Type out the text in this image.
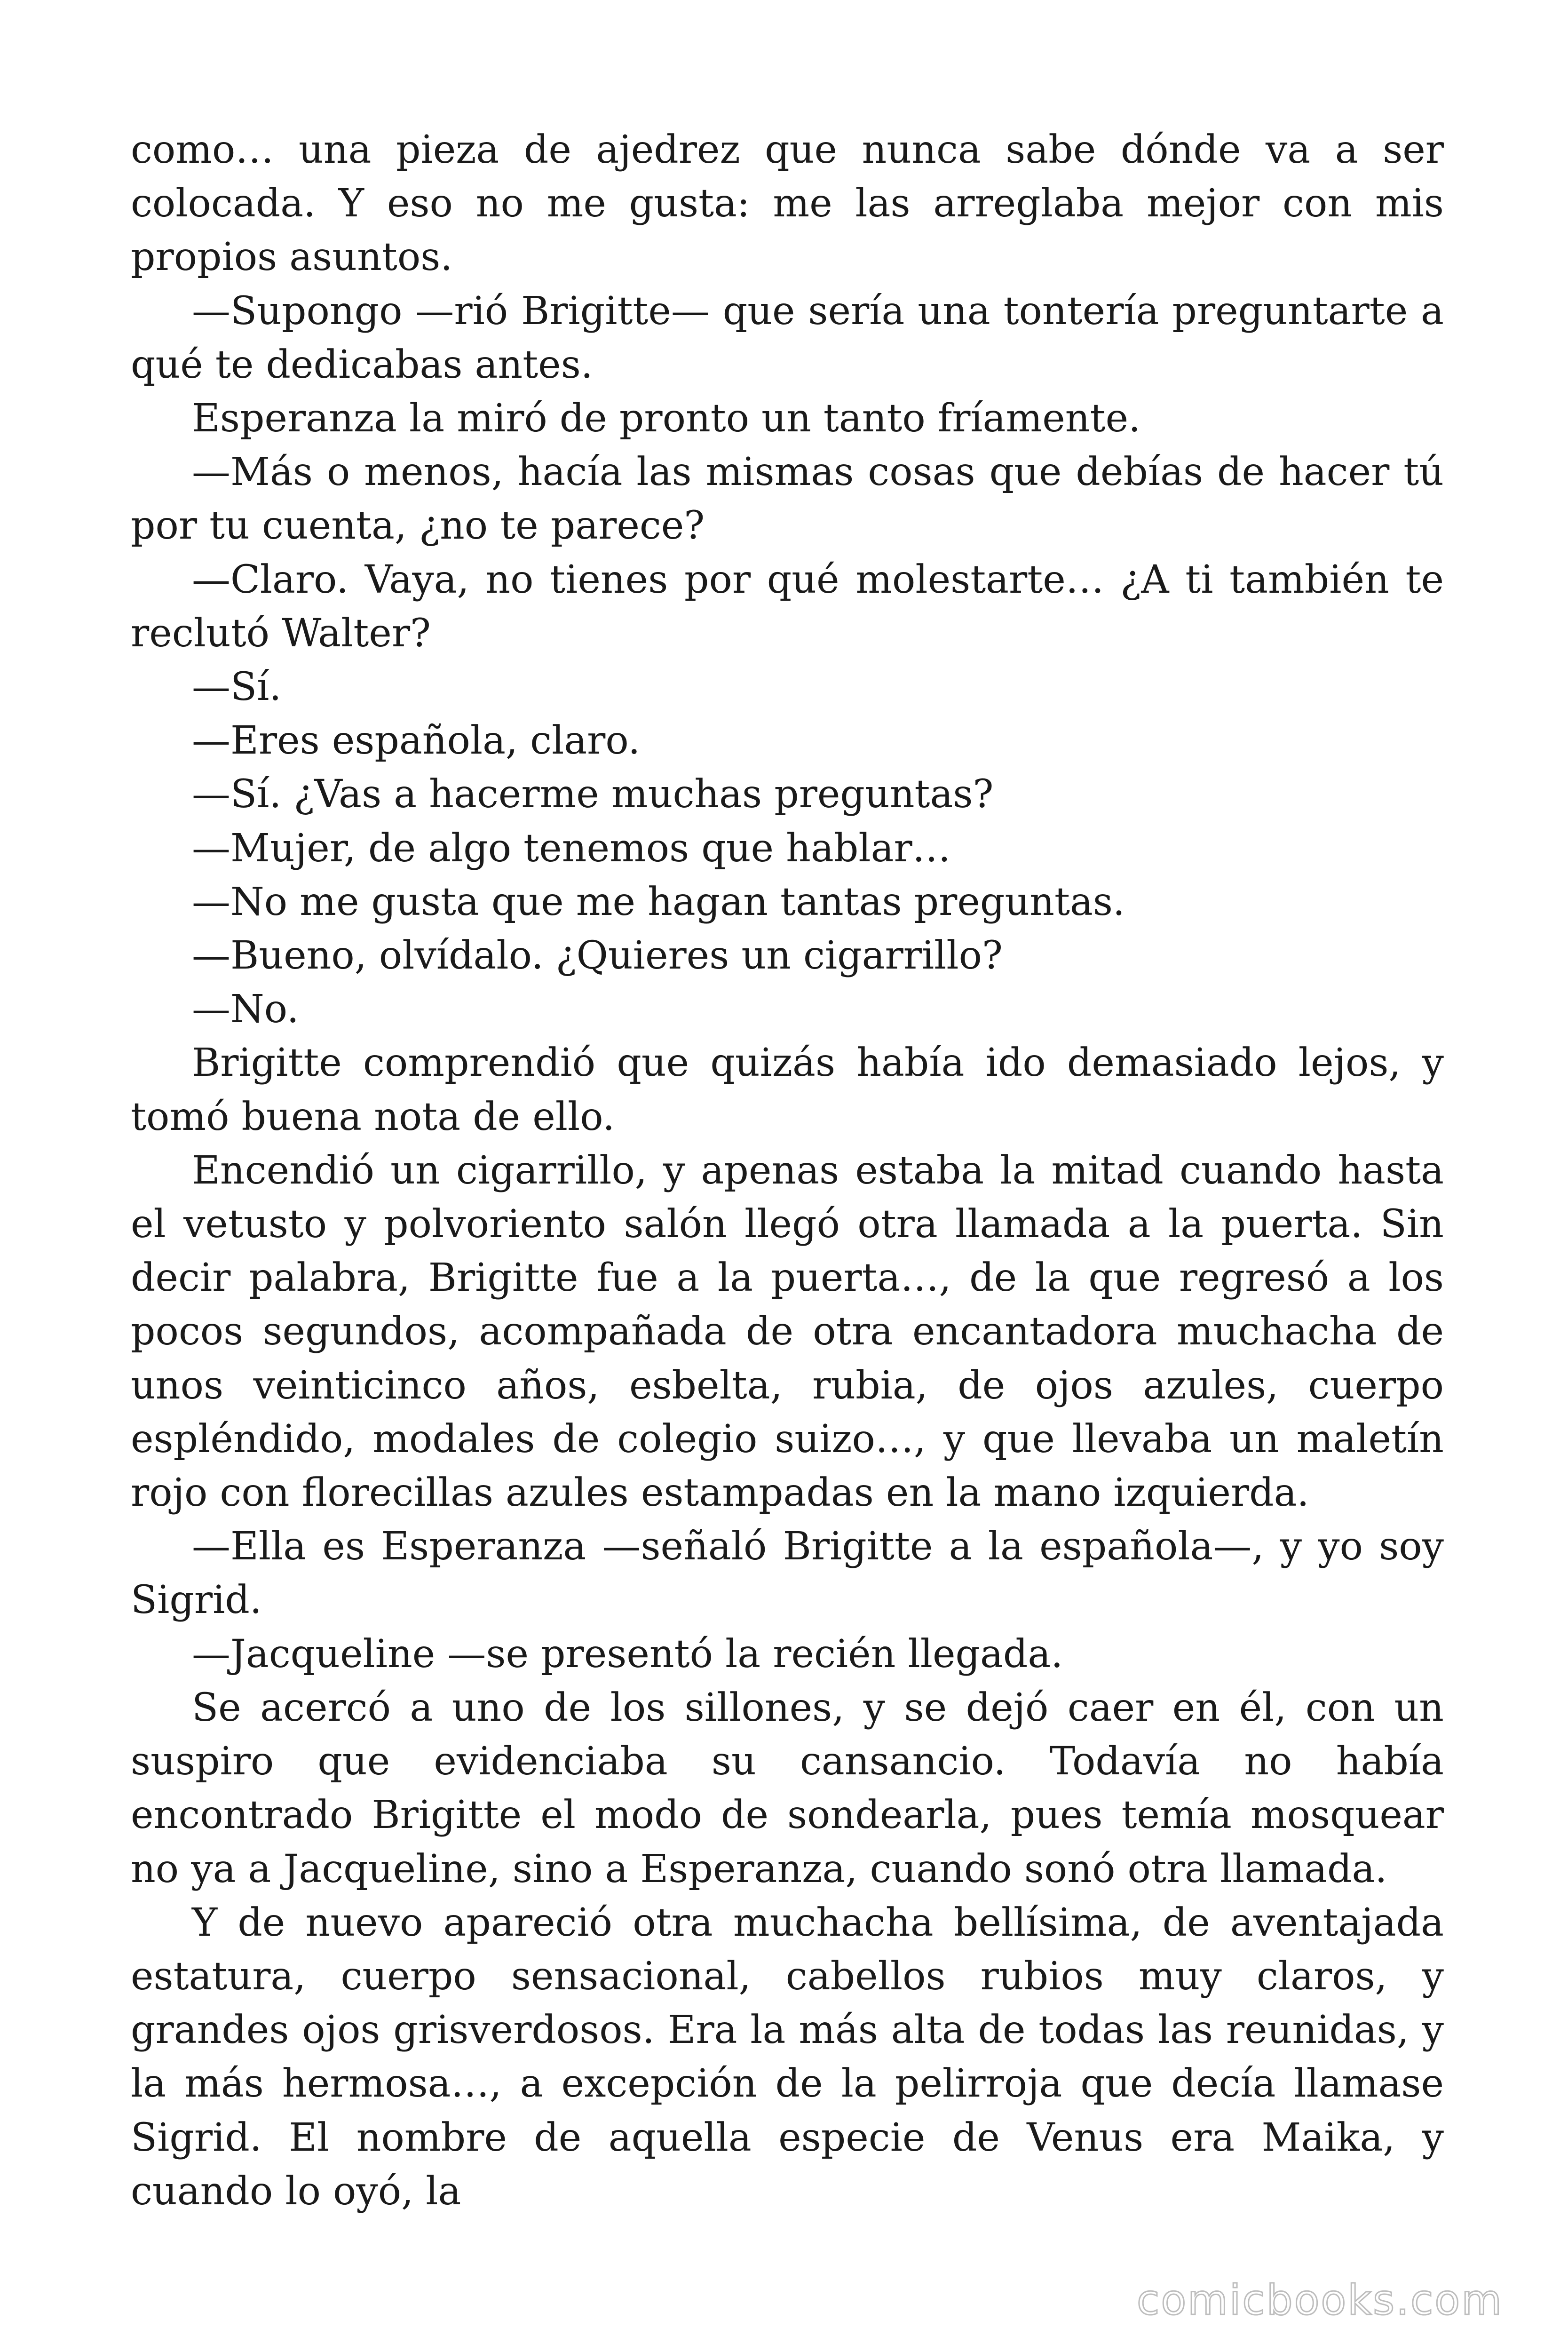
como… una pieza de ajedrez que nunca sabe dónde va a ser colocada. Y eso no me gusta: me las arreglaba mejor con mis propios asuntos.

—Supongo —rió Brigitte— que sería una tontería preguntarte a qué te dedicabas antes.

Esperanza la miró de pronto un tanto fríamente.

—Más o menos, hacía las mismas cosas que debías de hacer tú por tu cuenta, ¿no te parece?

—Claro. Vaya, no tienes por qué molestarte… ¿A ti también te reclutó Walter?

—Sí.

—Eres española, claro.

—Sí. ¿Vas a hacerme muchas preguntas?

—Mujer, de algo tenemos que hablar…

—No me gusta que me hagan tantas preguntas.

—Bueno, olvídalo. ¿Quieres un cigarrillo?

—No.

Brigitte comprendió que quizás había ido demasiado lejos, y tomó buena nota de ello.

Encendió un cigarrillo, y apenas estaba la mitad cuando hasta el vetusto y polvoriento salón llegó otra llamada a la puerta. Sin decir palabra, Brigitte fue a la puerta…, de la que regresó a los pocos segundos, acompañada de otra encantadora muchacha de unos veinticinco años, esbelta, rubia, de ojos azules, cuerpo espléndido, modales de colegio suizo…, y que llevaba un maletín rojo con florecillas azules estampadas en la mano izquierda.

—Ella es Esperanza —señaló Brigitte a la española—, y yo soy Sigrid.

—Jacqueline —se presentó la recién llegada.

Se acercó a uno de los sillones, y se dejó caer en él, con un suspiro que evidenciaba su cansancio. Todavía no había encontrado Brigitte el modo de sondearla, pues temía mosquear no ya a Jacqueline, sino a Esperanza, cuando sonó otra llamada.

Y de nuevo apareció otra muchacha bellísima, de aventajada estatura, cuerpo sensacional, cabellos rubios muy claros, y grandes ojos grisverdosos. Era la más alta de todas las reunidas, y la más hermosa…, a excepción de la pelirroja que decía llamase Sigrid. El nombre de aquella especie de Venus era Maika, y cuando lo oyó, la

comicbooks.com
